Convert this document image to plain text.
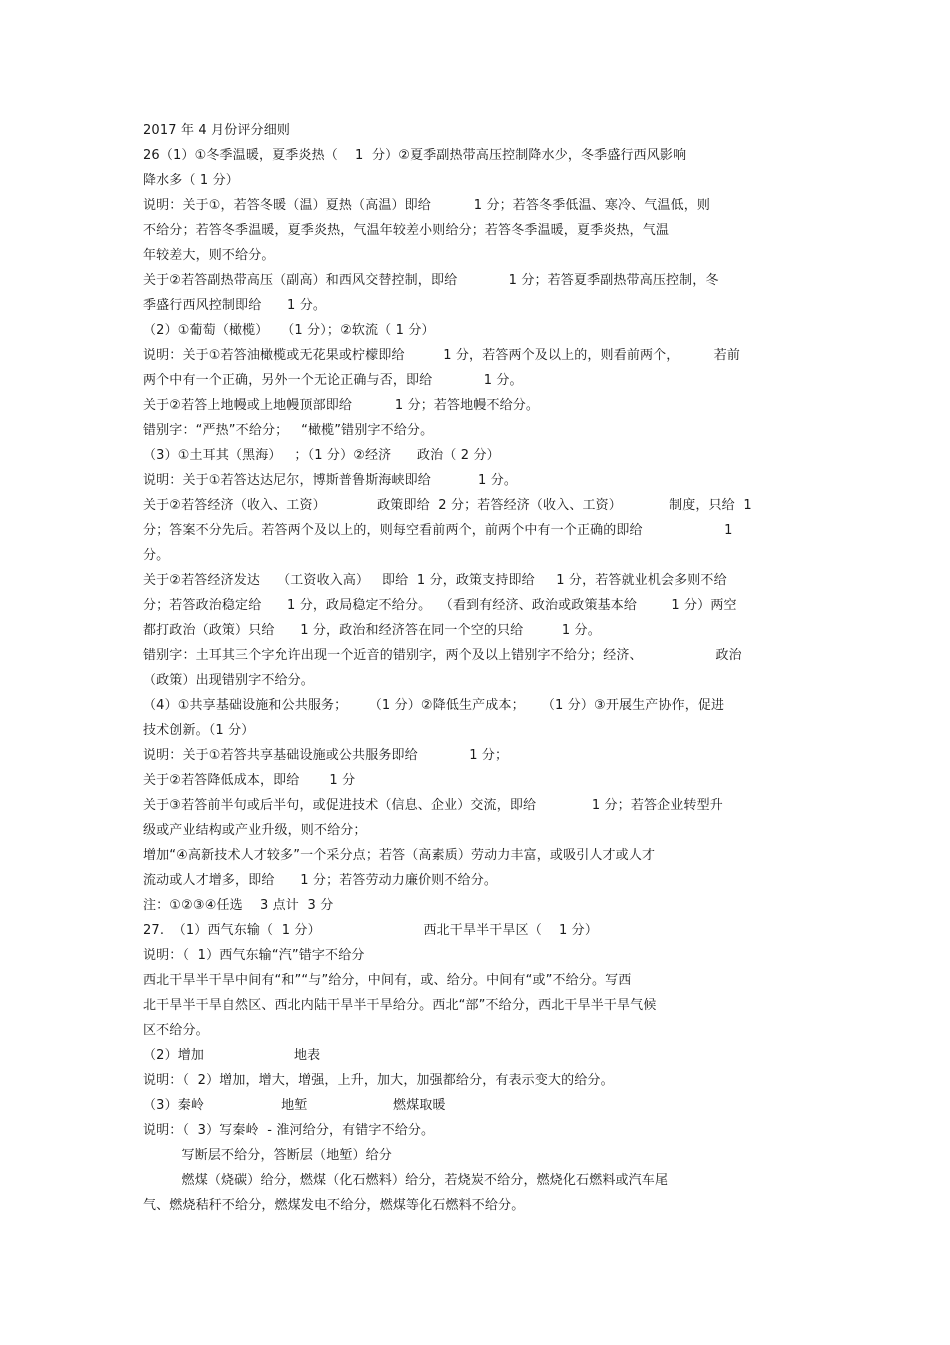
2017 年 4 月份评分细则
26（1）①冬季温暖，夏季炎热（    1  分）②夏季副热带高压控制降水少，冬季盛行西风影响
降水多（ 1 分）
说明：关于①，若答冬暖（温）夏热（高温）即给          1 分；若答冬季低温、寒冷、气温低，则
不给分；若答冬季温暖，夏季炎热，气温年较差小则给分；若答冬季温暖，夏季炎热，气温
年较差大，则不给分。
关于②若答副热带高压（副高）和西风交替控制，即给            1 分；若答夏季副热带高压控制，冬
季盛行西风控制即给      1 分。
（2）①葡萄（橄榄）   （1 分）；②软流（ 1 分）
说明：关于①若答油橄榄或无花果或柠檬即给         1 分，若答两个及以上的，则看前两个，        若前
两个中有一个正确，另外一个无论正确与否，即给            1 分。
关于②若答上地幔或上地幔顶部即给          1 分；若答地幔不给分。
错别字：“严热”不给分；   “橄榄”错别字不给分。
（3）①土耳其（黑海）   ；（1 分）②经济      政治（ 2 分）
说明：关于①若答达达尼尔，博斯普鲁斯海峡即给           1 分。
关于②若答经济（收入、工资）            政策即给  2 分；若答经济（收入、工资）           制度，只给  1
分；答案不分先后。若答两个及以上的，则每空看前两个，前两个中有一个正确的即给                   1
分。
关于②若答经济发达    （工资收入高）   即给  1 分，政策支持即给     1 分，若答就业机会多则不给
分；若答政治稳定给      1 分，政局稳定不给分。  （看到有经济、政治或政策基本给        1 分）两空
都打政治（政策）只给      1 分，政治和经济答在同一个空的只给         1 分。
错别字：土耳其三个字允许出现一个近音的错别字，两个及以上错别字不给分；经济、                 政治
（政策）出现错别字不给分。
（4）①共享基础设施和公共服务；     （1 分）②降低生产成本；    （1 分）③开展生产协作，促进
技术创新。（1 分）
说明：关于①若答共享基础设施或公共服务即给            1 分；
关于②若答降低成本，即给       1 分
关于③若答前半句或后半句，或促进技术（信息、企业）交流，即给             1 分；若答企业转型升
级或产业结构或产业升级，则不给分；
增加“④高新技术人才较多”一个采分点；若答（高素质）劳动力丰富，或吸引人才或人才
流动或人才增多，即给      1 分；若答劳动力廉价则不给分。
注：①②③④任选    3 点计  3 分
27.  （1）西气东输（  1 分）                        西北干旱半干旱区（    1 分）
说明：（  1）西气东输“汽”错字不给分
西北干旱半干旱中间有“和”“与”给分，中间有，或、给分。中间有“或”不给分。写西
北干旱半干旱自然区、西北内陆干旱半干旱给分。西北“部”不给分，西北干旱半干旱气候
区不给分。
（2）增加                     地表
说明：（  2）增加，增大，增强，上升，加大，加强都给分，有表示变大的给分。
（3）秦岭                  地堑                    燃煤取暖
说明：（  3）写秦岭  - 淮河给分，有错字不给分。
写断层不给分，答断层（地堑）给分
燃煤（烧碳）给分，燃煤（化石燃料）给分，若烧炭不给分，燃烧化石燃料或汽车尾
气、燃烧秸秆不给分，燃煤发电不给分，燃煤等化石燃料不给分。
